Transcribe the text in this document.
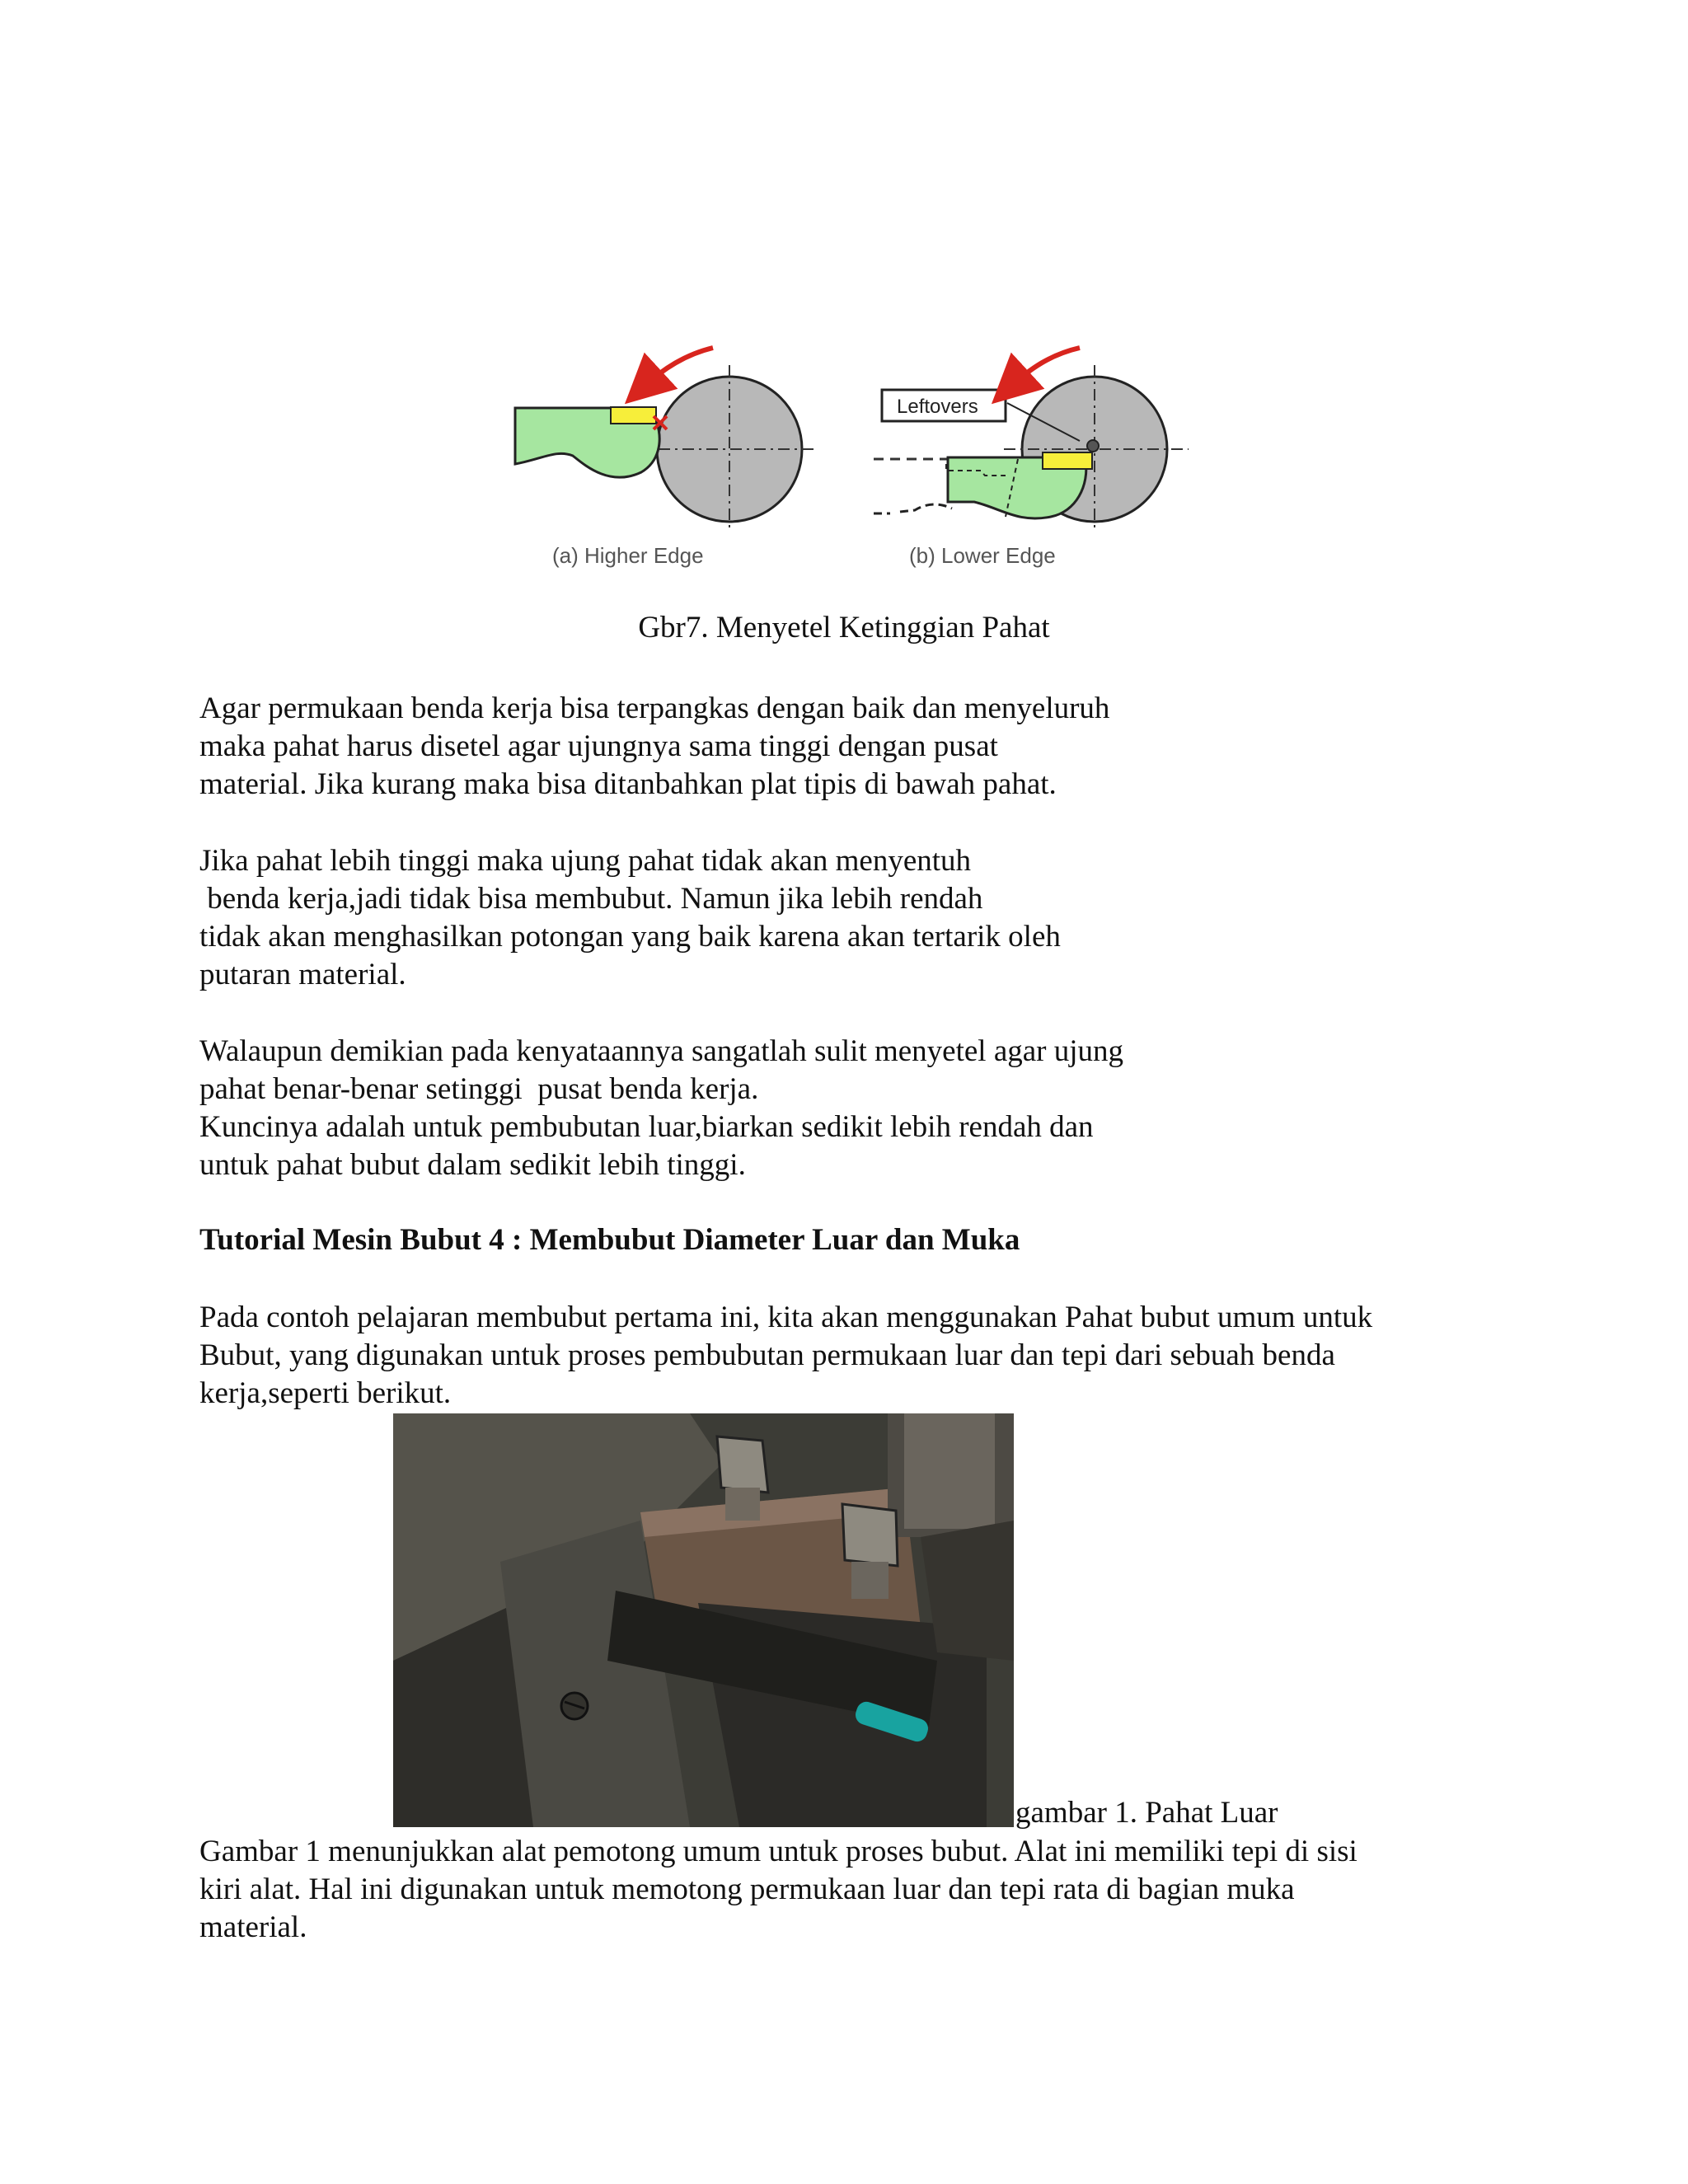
(a) Higher Edge
Leftovers
(b) Lower Edge
Gbr7. Menyetel Ketinggian Pahat

Agar permukaan benda kerja bisa terpangkas dengan baik dan menyeluruh
maka pahat harus disetel agar ujungnya sama tinggi dengan pusat
material. Jika kurang maka bisa ditanbahkan plat tipis di bawah pahat.

Jika pahat lebih tinggi maka ujung pahat tidak akan menyentuh
benda kerja,jadi tidak bisa membubut. Namun jika lebih rendah
tidak akan menghasilkan potongan yang baik karena akan tertarik oleh
putaran material.

Walaupun demikian pada kenyataannya sangatlah sulit menyetel agar ujung
pahat benar-benar setinggi  pusat benda kerja.
Kuncinya adalah untuk pembubutan luar,biarkan sedikit lebih rendah dan
untuk pahat bubut dalam sedikit lebih tinggi.

Tutorial Mesin Bubut 4 : Membubut Diameter Luar dan Muka

Pada contoh pelajaran membubut pertama ini, kita akan menggunakan Pahat bubut umum untuk
Bubut, yang digunakan untuk proses pembubutan permukaan luar dan tepi dari sebuah benda
kerja,seperti berikut.

gambar 1. Pahat Luar

Gambar 1 menunjukkan alat pemotong umum untuk proses bubut. Alat ini memiliki tepi di sisi
kiri alat. Hal ini digunakan untuk memotong permukaan luar dan tepi rata di bagian muka
material.
